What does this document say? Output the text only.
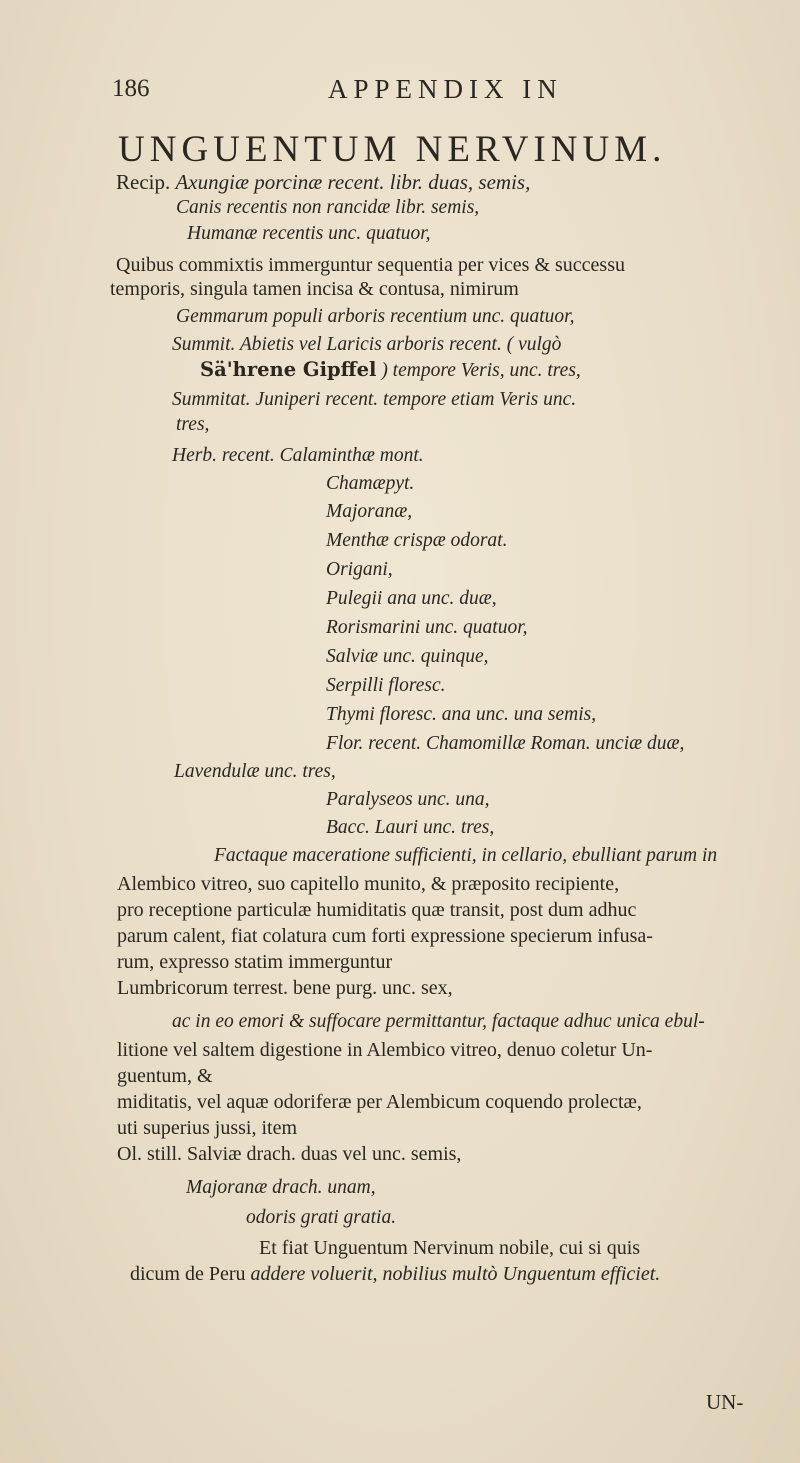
186	APPENDIX IN
UNGUENTUM NERVINUM.
Recip. Axungiæ porcinæ recent. libr. duas, semis,
Canis recentis non rancidæ libr. semis,
Humanæ recentis unc. quatuor,
Quibus commixtis immerguntur sequentia per vices & successu
temporis, singula tamen incisa & contusa, nimirum
Gemmarum populi arboris recentium unc. quatuor,
Summit. Abietis vel Laricis arboris recent. ( vulgò
Sä'hrene Gipffel ) tempore Veris, unc. tres,
Summitat. Juniperi recent. tempore etiam Veris unc.
tres,
Herb. recent. Calaminthæ mont.
Chamæpyt.
Majoranæ,
Menthæ crispæ odorat.
Origani,
Pulegii ana unc. duæ,
Rorismarini unc. quatuor,
Salviæ unc. quinque,
Serpilli floresc.
Thymi floresc. ana unc. una semis,
Flor. recent. Chamomillæ Roman. unciæ duæ,
Lavendulæ unc. tres,
Paralyseos unc. una,
Bacc. Lauri unc. tres,
Factaque maceratione sufficienti, in cellario, ebulliant parum in
Alembico vitreo, suo capitello munito, & præposito recipiente,
pro receptione particulæ humiditatis quæ transit, post dum adhuc
parum calent, fiat colatura cum forti expressione specierum infusa-
rum, expresso statim immerguntur
Lumbricorum terrest. bene purg. unc. sex,
ac in eo emori & suffocare permittantur, factaque adhuc unica ebul-
litione vel saltem digestione in Alembico vitreo, denuo coletur Un-
guentum, &
miditatis, vel aquæ odoriferæ per Alembicum coquendo prolectæ,
uti superius jussi, item
Ol. still. Salviæ drach. duas vel unc. semis,
Majoranæ drach. unam,
odoris grati gratia.
Et fiat Unguentum Nervinum nobile, cui si quis
dicum de Peru addere voluerit, nobilius multò Unguentum efficiet.
UN-
